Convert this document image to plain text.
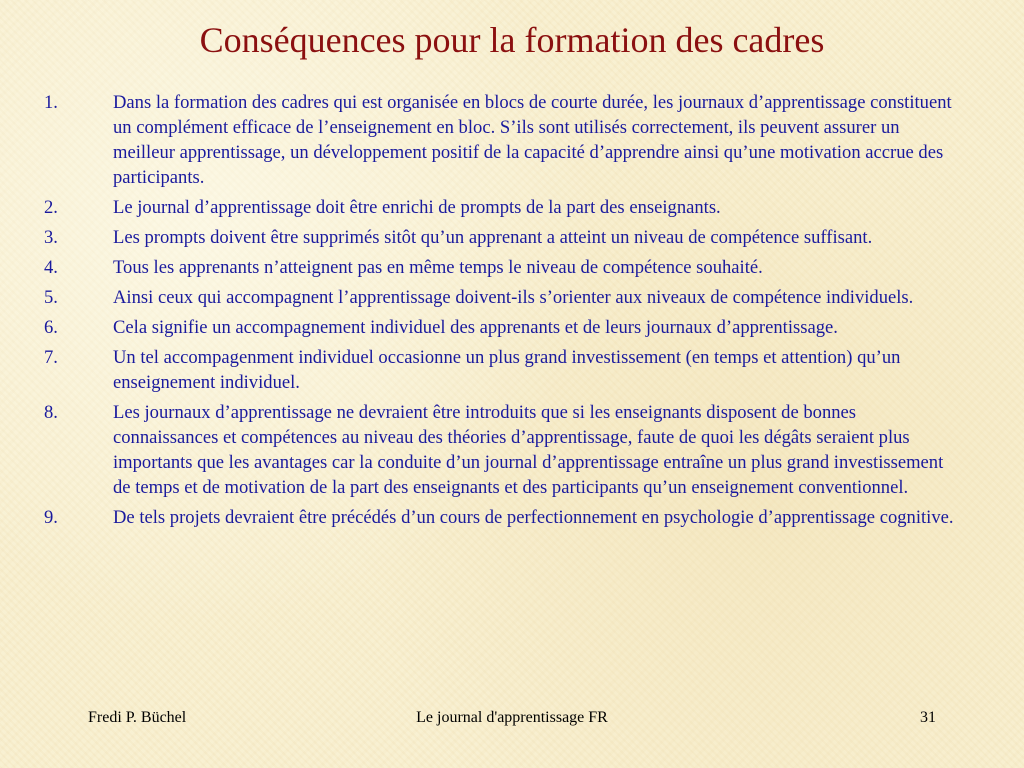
Conséquences pour la formation des cadres
1.	Dans la formation des cadres qui est organisée en blocs de courte durée, les journaux d’apprentissage constituent un complément efficace de l’enseignement en bloc. S’ils sont utilisés correctement, ils peuvent assurer un meilleur apprentissage, un développement positif de la capacité d’apprendre ainsi qu’une motivation accrue des participants.
2.	Le journal d’apprentissage doit être enrichi de prompts de la part des enseignants.
3.	Les prompts doivent être supprimés sitôt qu’un apprenant a atteint un niveau de compétence suffisant.
4.	Tous les apprenants n’atteignent pas en même temps le niveau de compétence souhaité.
5.	Ainsi ceux qui accompagnent l’apprentissage doivent-ils s’orienter aux niveaux de compétence individuels.
6.	Cela signifie un accompagnement individuel des apprenants et de leurs journaux d’apprentissage.
7.	Un tel accompagenment individuel occasionne un plus grand investissement (en temps et attention) qu’un enseignement individuel.
8.	Les journaux d’apprentissage ne devraient être introduits que si les enseignants disposent de bonnes connaissances et compétences au niveau des théories d’apprentissage, faute de quoi les dégâts seraient plus importants que les avantages car la conduite d’un journal d’apprentissage entraîne un plus grand investissement de temps et de motivation de la part des enseignants et des participants qu’un enseignement conventionnel.
9.	De tels projets devraient être précédés d’un cours de perfectionnement en psychologie d’apprentissage cognitive.
Fredi P. Büchel	Le journal d'apprentissage FR	31
